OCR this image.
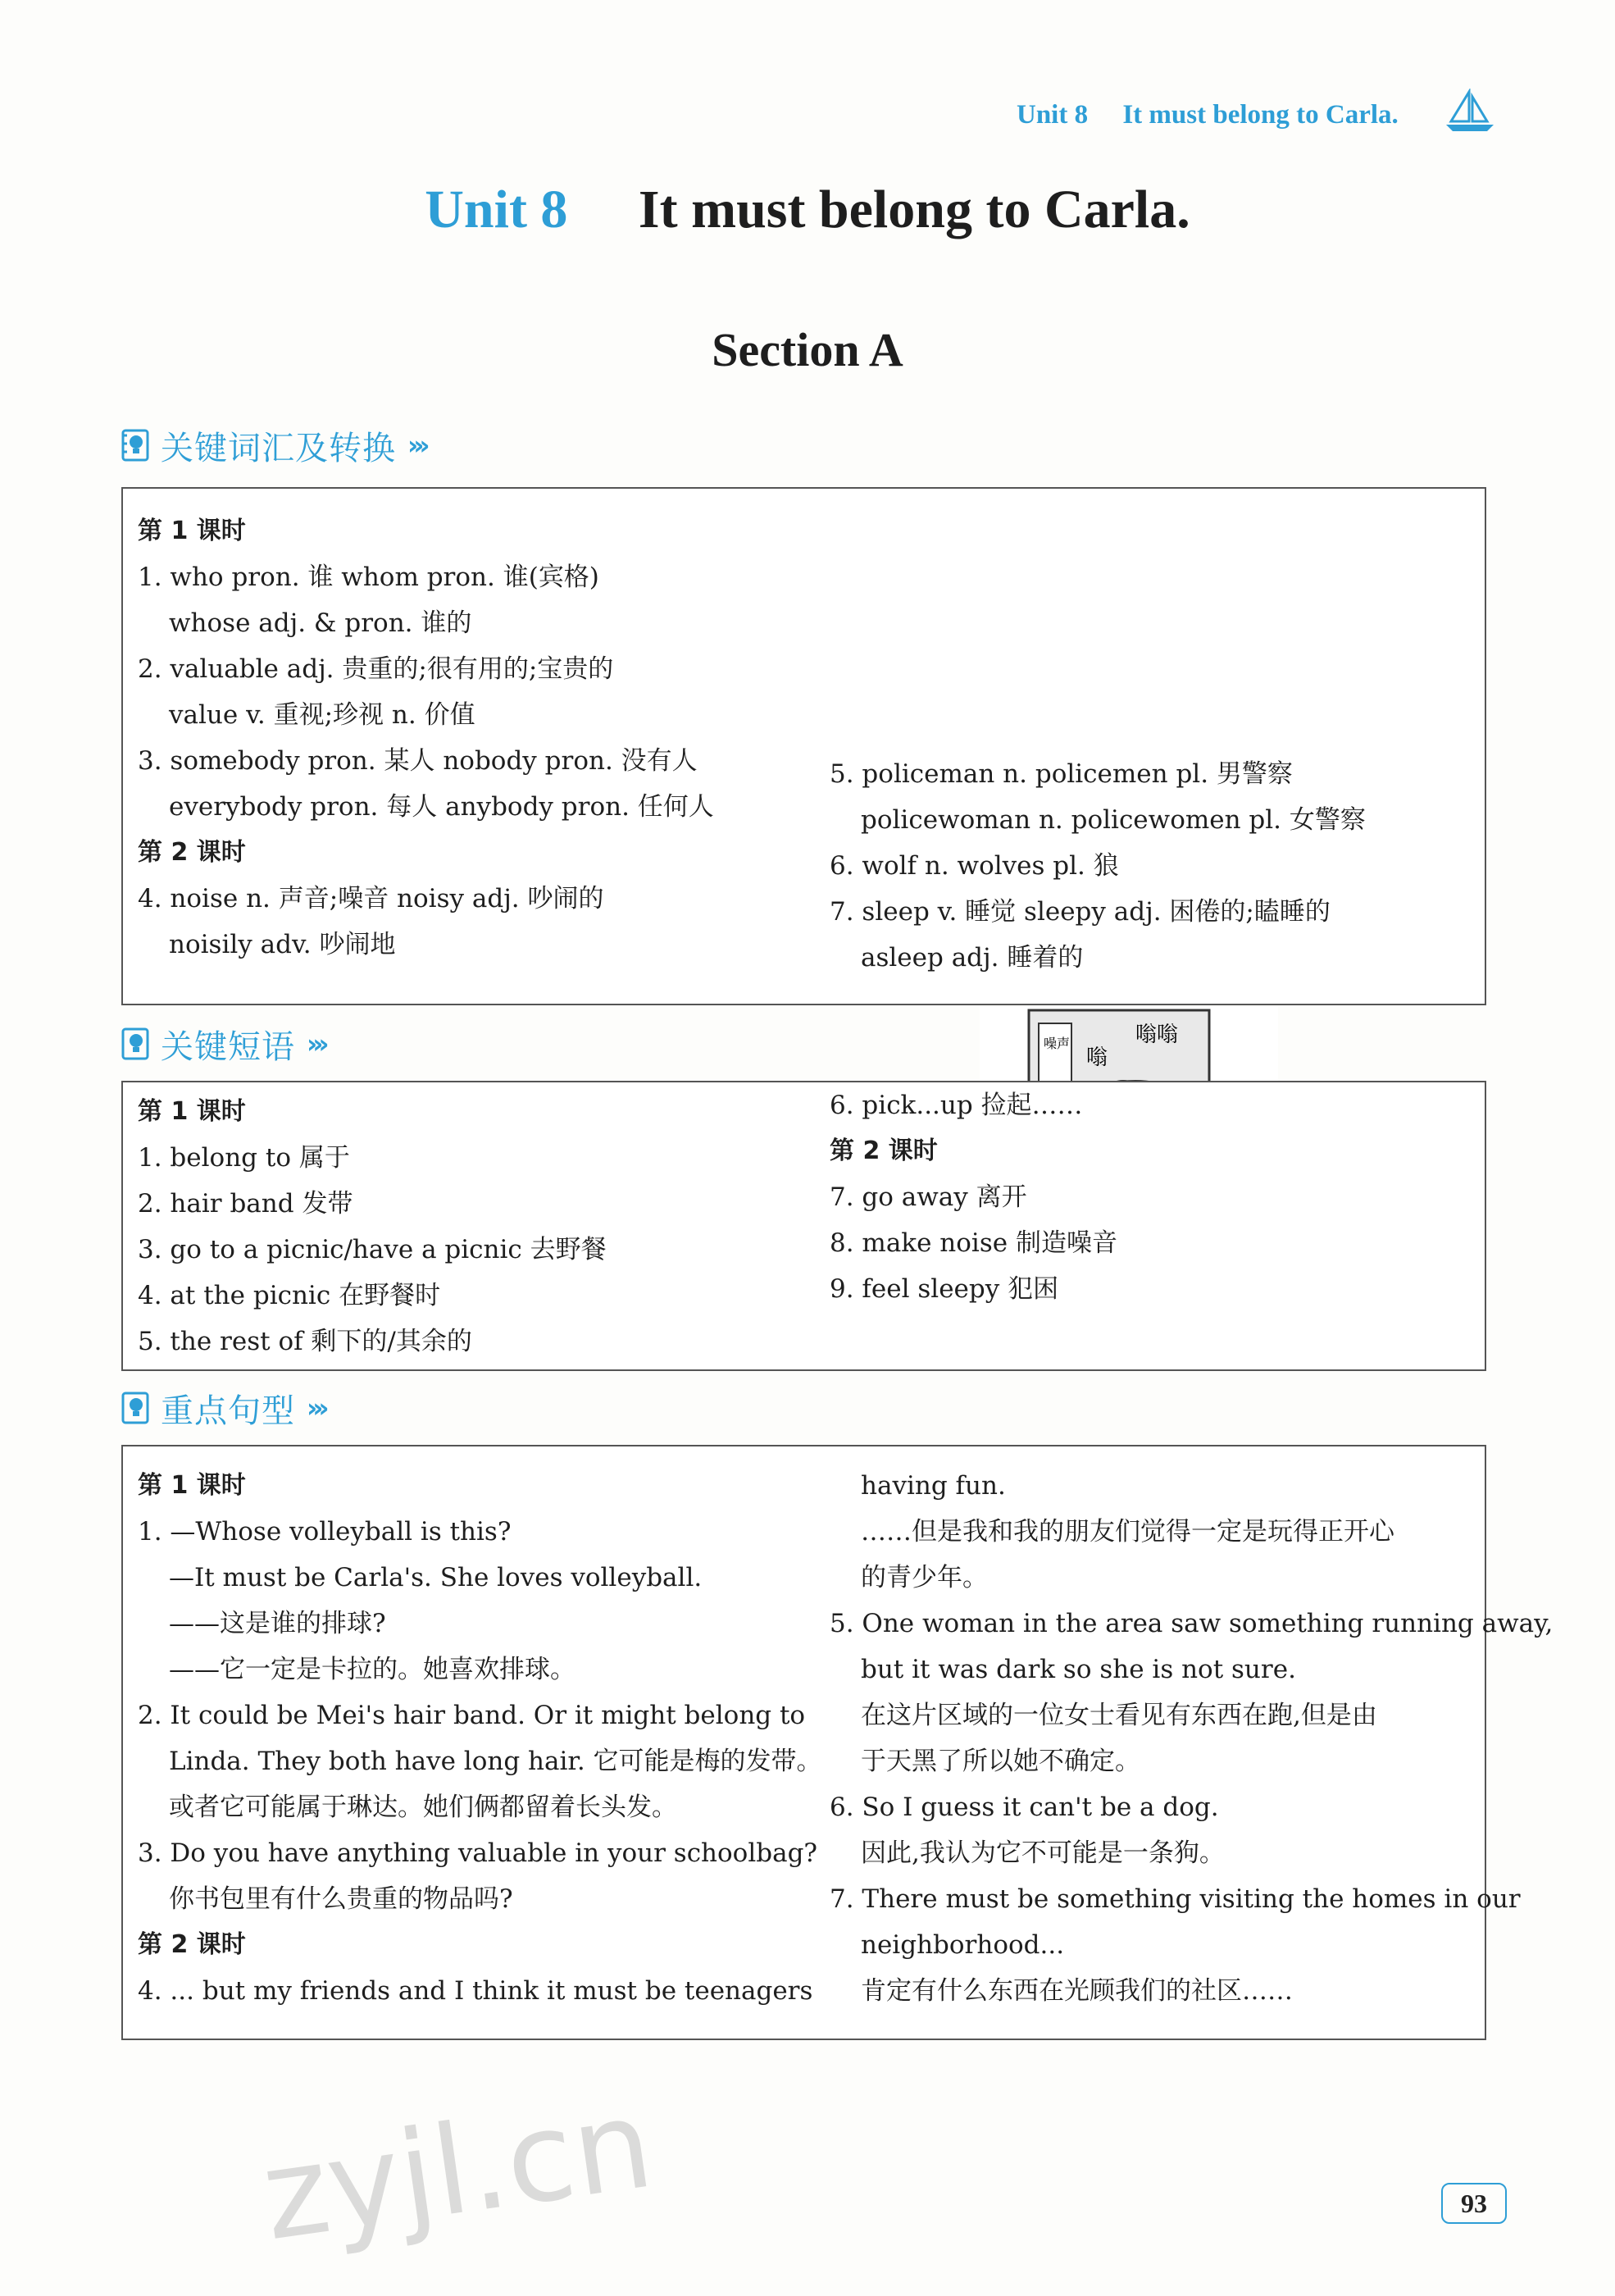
Unit 8 It must belong to Carla.
Unit 8 It must belong to Carla.
Section A
关键词汇及转换 ›››
第 1 课时
1. who pron. 谁 whom pron. 谁(宾格)
whose adj. & pron. 谁的
2. valuable adj. 贵重的;很有用的;宝贵的
value v. 重视;珍视 n. 价值
3. somebody pron. 某人 nobody pron. 没有人
everybody pron. 每人 anybody pron. 任何人
第 2 课时
4. noise n. 声音;噪音 noisy adj. 吵闹的
noisily adv. 吵闹地
噪声	嗡嗡
嗡
5. policeman n. policemen pl. 男警察
policewoman n. policewomen pl. 女警察
6. wolf n. wolves pl. 狼
7. sleep v. 睡觉 sleepy adj. 困倦的;瞌睡的
asleep adj. 睡着的
关键短语 ›››
第 1 课时
1. belong to 属于
2. hair band 发带
3. go to a picnic/have a picnic 去野餐
4. at the picnic 在野餐时
5. the rest of 剩下的/其余的
6. pick...up 捡起……
第 2 课时
7. go away 离开
8. make noise 制造噪音
9. feel sleepy 犯困
重点句型 ›››
第 1 课时
1. —Whose volleyball is this?
—It must be Carla's. She loves volleyball.
——这是谁的排球?
——它一定是卡拉的。她喜欢排球。
2. It could be Mei's hair band. Or it might belong to
Linda. They both have long hair. 它可能是梅的发带。
或者它可能属于琳达。她们俩都留着长头发。
3. Do you have anything valuable in your schoolbag?
你书包里有什么贵重的物品吗?
第 2 课时
4. ... but my friends and I think it must be teenagers
having fun.
……但是我和我的朋友们觉得一定是玩得正开心
的青少年。
5. One woman in the area saw something running away,
but it was dark so she is not sure.
在这片区域的一位女士看见有东西在跑,但是由
于天黑了所以她不确定。
6. So I guess it can't be a dog.
因此,我认为它不可能是一条狗。
7. There must be something visiting the homes in our
neighborhood...
肯定有什么东西在光顾我们的社区……
zyjl.cn	93
